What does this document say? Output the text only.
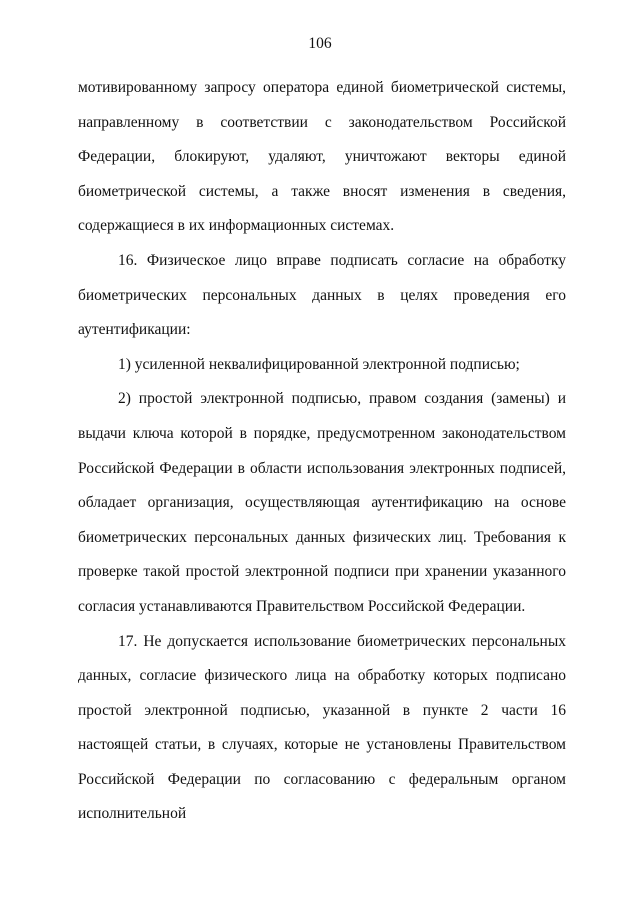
106

мотивированному запросу оператора единой биометрической системы, направленному в соответствии с законодательством Российской Федерации, блокируют, удаляют, уничтожают векторы единой биометрической системы, а также вносят изменения в сведения, содержащиеся в их информационных системах.

16. Физическое лицо вправе подписать согласие на обработку биометрических персональных данных в целях проведения его аутентификации:

1) усиленной неквалифицированной электронной подписью;

2) простой электронной подписью, правом создания (замены) и выдачи ключа которой в порядке, предусмотренном законодательством Российской Федерации в области использования электронных подписей, обладает организация, осуществляющая аутентификацию на основе биометрических персональных данных физических лиц. Требования к проверке такой простой электронной подписи при хранении указанного согласия устанавливаются Правительством Российской Федерации.

17. Не допускается использование биометрических персональных данных, согласие физического лица на обработку которых подписано простой электронной подписью, указанной в пункте 2 части 16 настоящей статьи, в случаях, которые не установлены Правительством Российской Федерации по согласованию с федеральным органом исполнительной
